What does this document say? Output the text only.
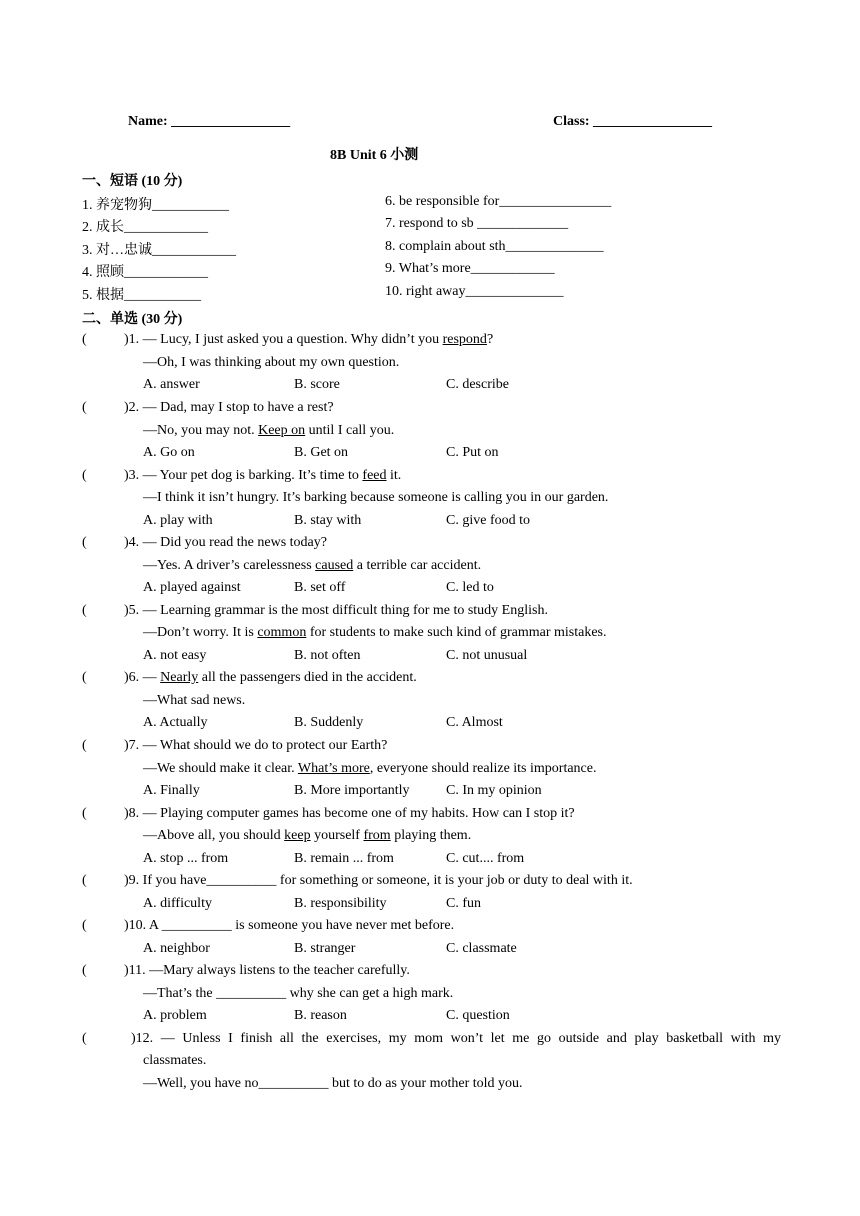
Name: _________________	Class: _________________
8B Unit 6 小测
一、短语 (10 分)
1. 养宠物狗___________
2. 成长____________
3. 对…忠诚____________
4. 照顾____________
5. 根据___________
6. be responsible for________________
7. respond to sb _____________
8. complain about sth______________
9. What’s more____________
10. right away______________
二、单选 (30 分)
(	)1. — Lucy, I just asked you a question. Why didn’t you respond?
—Oh, I was thinking about my own question.
A. answer	B. score	C. describe
(	)2. — Dad, may I stop to have a rest?
—No, you may not. Keep on until I call you.
A. Go on	B. Get on	C. Put on
(	)3. — Your pet dog is barking. It’s time to feed it.
—I think it isn’t hungry. It’s barking because someone is calling you in our garden.
A. play with	B. stay with	C. give food to
(	)4. — Did you read the news today?
—Yes. A driver’s carelessness caused a terrible car accident.
A. played against	B. set off	C. led to
(	)5. — Learning grammar is the most difficult thing for me to study English.
—Don’t worry. It is common for students to make such kind of grammar mistakes.
A. not easy	B. not often	C. not unusual
(	)6. — Nearly all the passengers died in the accident.
—What sad news.
A. Actually	B. Suddenly	C. Almost
(	)7. — What should we do to protect our Earth?
—We should make it clear. What’s more, everyone should realize its importance.
A. Finally	B. More importantly	C. In my opinion
(	)8. — Playing computer games has become one of my habits. How can I stop it?
—Above all, you should keep yourself from playing them.
A. stop ... from	B. remain ... from	C. cut.... from
(	)9. If you have__________ for something or someone, it is your job or duty to deal with it.
A. difficulty	B. responsibility	C. fun
(	)10. A __________ is someone you have never met before.
A. neighbor	B. stranger	C. classmate
(	)11. —Mary always listens to the teacher carefully.
—That’s the __________ why she can get a high mark.
A. problem	B. reason	C. question
(	)12. — Unless I finish all the exercises, my mom won’t let me go outside and play basketball with my
classmates.
—Well, you have no__________ but to do as your mother told you.
